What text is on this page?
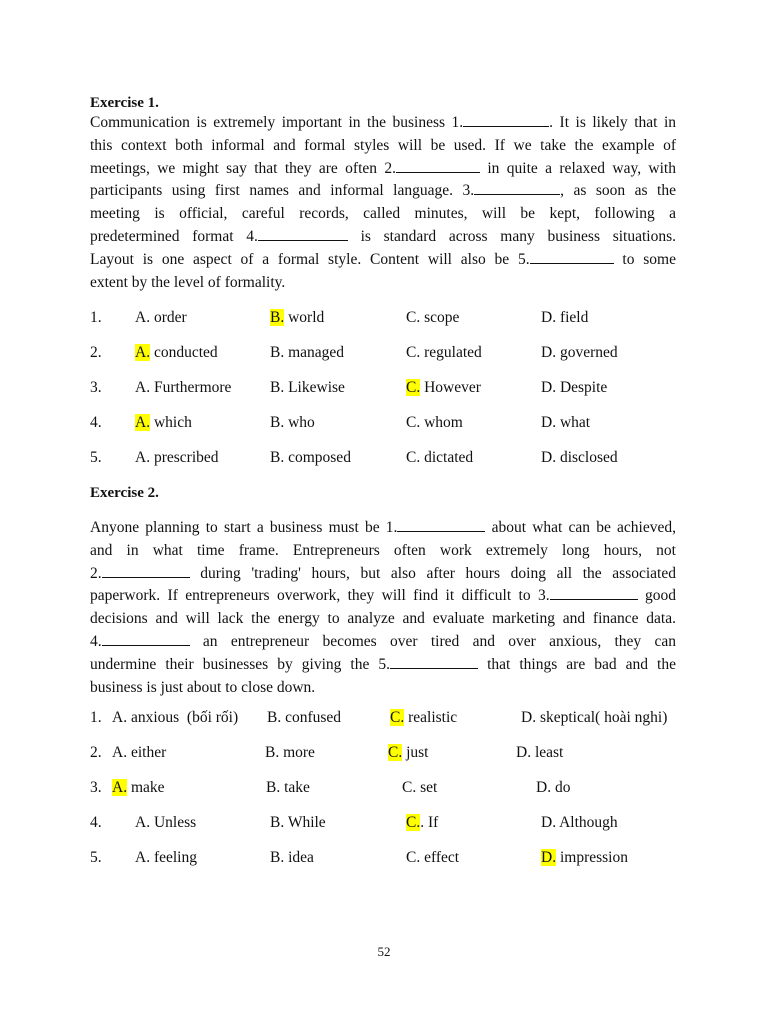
Exercise 1.
Communication is extremely important in the business 1.	. It is likely that in
this context both informal and formal styles will be used. If we take the example of
meetings, we might say that they are often 2.	in quite a relaxed way, with
participants using first names and informal language. 3.	, as soon as the
meeting is official, careful records, called minutes, will be kept, following a
predetermined format 4.	is standard across many business situations.
Layout is one aspect of a formal style. Content will also be 5.	to some
extent by the level of formality.
1. A. order	B. world	C. scope	D. field
2. A. conducted	B. managed	C. regulated	D. governed
3. A. Furthermore B. Likewise	C. However	D. Despite
4. A. which	B. who	C. whom	D. what
5. A. prescribed	B. composed	C. dictated	D. disclosed
Exercise 2.
Anyone planning to start a business must be 1.	about what can be achieved,
and in what time frame. Entrepreneurs often work extremely long hours, not
2.	during 'trading' hours, but also after hours doing all the associated
paperwork. If entrepreneurs overwork, they will find it difficult to 3.	good
decisions and will lack the energy to analyze and evaluate marketing and finance data.
4.	an entrepreneur becomes over tired and over anxious, they can
undermine their businesses by giving the 5.	that things are bad and the
business is just about to close down.
1. A. anxious  (bối rối) B. confused	C. realistic	D. skeptical( hoài nghi)
2. A. either	B. more	C. just	D. least
3. A. make	B. take	C. set	D. do
4. A. Unless	B. While	C.. If	D. Although
5. A. feeling	B. idea	C. effect	D. impression
52
